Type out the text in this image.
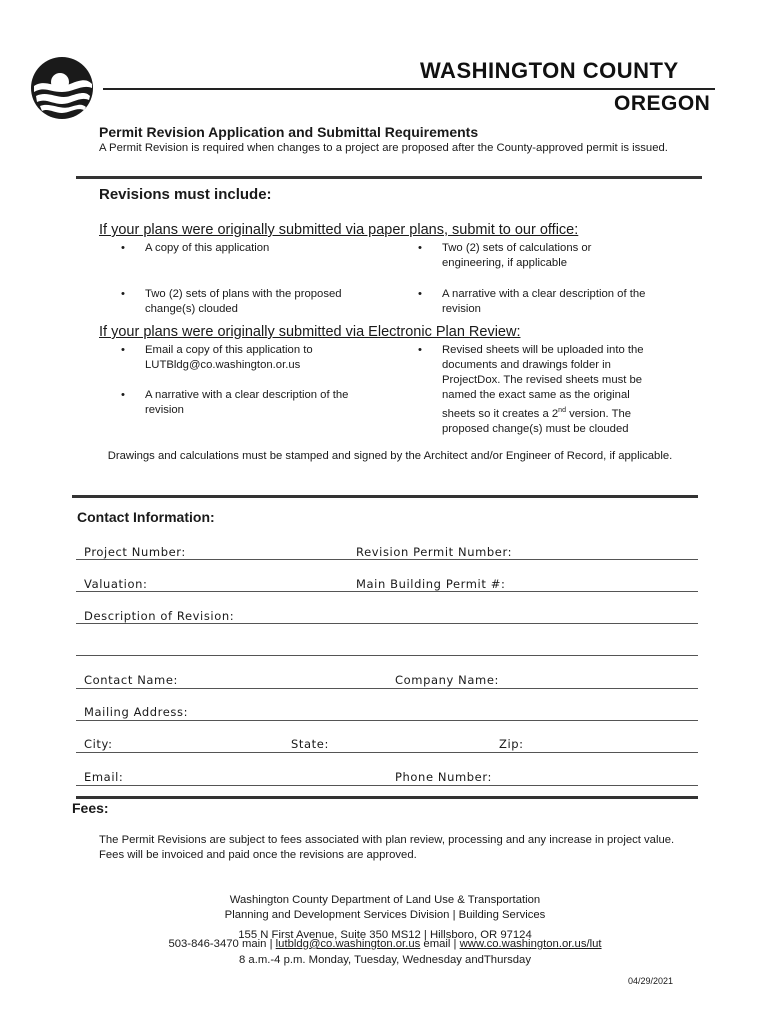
WASHINGTON COUNTY
OREGON
Permit Revision Application and Submittal Requirements
A Permit Revision is required when changes to a project are proposed after the County-approved permit is issued.
Revisions must include:
If your plans were originally submitted via paper plans, submit to our office:
• A copy of this application	• Two (2) sets of calculations or engineering, if applicable
• Two (2) sets of plans with the proposed change(s) clouded
• A narrative with a clear description of the revision
If your plans were originally submitted via Electronic Plan Review:
• Email a copy of this application to LUTBldg@co.washington.or.us
• A narrative with a clear description of the revision
• Revised sheets will be uploaded into the
documents and drawings folder in
ProjectDox. The revised sheets must be
named the exact same as the original
sheets so it creates a 2nd version. The
proposed change(s) must be clouded
Drawings and calculations must be stamped and signed by the Architect and/or Engineer of Record, if applicable.
Contact Information:
Project Number:	Revision Permit Number:
Valuation:	Main Building Permit #:
Description of Revision:
Contact Name:	Company Name:
Mailing Address:
City:	State:	Zip:
Email:	Phone Number:
Fees:
The Permit Revisions are subject to fees associated with plan review, processing and any increase in project value. Fees will be invoiced and paid once the revisions are approved.
Washington County Department of Land Use & Transportation
Planning and Development Services Division | Building Services
155 N First Avenue, Suite 350 MS12 | Hillsboro, OR 97124
503-846-3470 main | lutbldg@co.washington.or.us email | www.co.washington.or.us/lut
8 a.m.-4 p.m. Monday, Tuesday, Wednesday andThursday
04/29/2021
